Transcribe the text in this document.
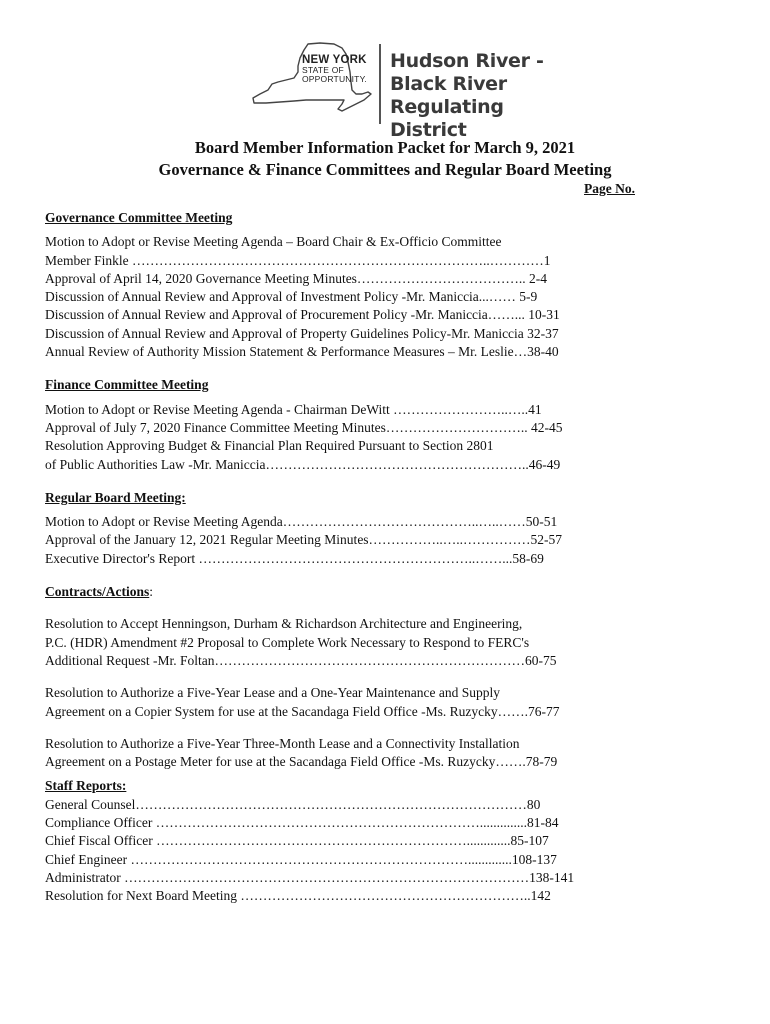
NEW YORK
STATE OF
OPPORTUNITY.
Hudson River -
Black River
Regulating District
Board Member Information Packet for March 9, 2021
Governance & Finance Committees and Regular Board Meeting
Page No.

Governance Committee Meeting

Motion to Adopt or Revise Meeting Agenda – Board Chair & Ex-Officio Committee

Member Finkle ……………………………………………………………………..…………1

Approval of April 14, 2020 Governance Meeting Minutes……………………………….. 2-4

Discussion of Annual Review and Approval of Investment Policy -Mr. Maniccia...…… 5-9

Discussion of Annual Review and Approval of Procurement Policy -Mr. Maniccia……... 10-31

Discussion of Annual Review and Approval of Property Guidelines Policy-Mr. Maniccia 32-37

Annual Review of Authority Mission Statement & Performance Measures – Mr. Leslie…38-40

Finance Committee Meeting

Motion to Adopt or Revise Meeting Agenda - Chairman DeWitt ……………………..…..41

Approval of July 7, 2020 Finance Committee Meeting Minutes………………………….. 42-45

Resolution Approving Budget & Financial Plan Required Pursuant to Section 2801

of Public Authorities Law -Mr. Maniccia…………………………………………………..46-49

Regular Board Meeting:

Motion to Adopt or Revise Meeting Agenda……………………………………..…..……50-51

Approval of the January 12, 2021 Regular Meeting Minutes……………..…..……………52-57

Executive Director's Report ……………………………………………………..……...58-69

Contracts/Actions:

Resolution to Accept Henningson, Durham & Richardson Architecture and Engineering,

P.C. (HDR) Amendment #2 Proposal to Complete Work Necessary to Respond to FERC's

Additional Request -Mr. Foltan……………………………………………………………60-75

Resolution to Authorize a Five-Year Lease and a One-Year Maintenance and Supply

Agreement on a Copier System for use at the Sacandaga Field Office -Ms. Ruzycky…….76-77

Resolution to Authorize a Five-Year Three-Month Lease and a Connectivity Installation

Agreement on a Postage Meter for use at the Sacandaga Field Office -Ms. Ruzycky…….78-79

Staff Reports:

General Counsel……………………………………………………………………………80

Compliance Officer ………………………………………………………………..............81-84

Chief Fiscal Officer …………………………………………………………….............85-107

Chief Engineer ………………………………………………………………….............108-137

Administrator ………………………………………………………………………………138-141

Resolution for Next Board Meeting ………………………………………………………..142
